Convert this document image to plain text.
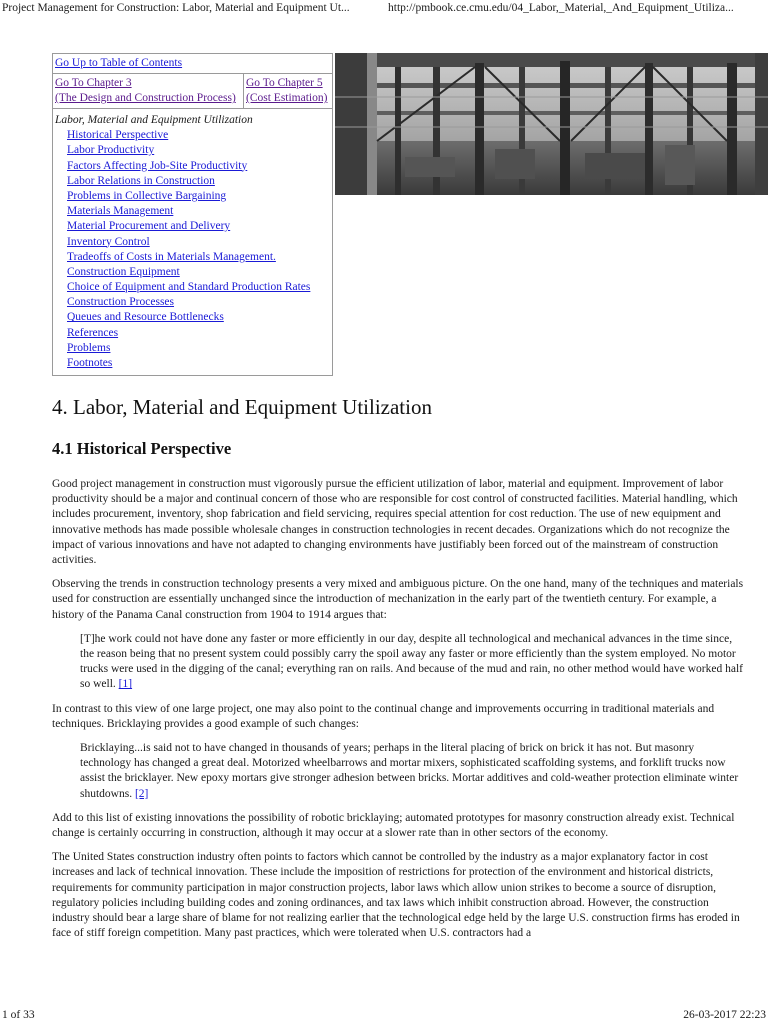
Project Management for Construction: Labor, Material and Equipment Ut...	http://pmbook.ce.cmu.edu/04_Labor,_Material,_And_Equipment_Utiliza...
Go Up to Table of Contents
Go To Chapter 3
(The Design and Construction Process)
Go To Chapter 5
(Cost Estimation)
Labor, Material and Equipment Utilization
Historical Perspective
Labor Productivity
Factors Affecting Job-Site Productivity
Labor Relations in Construction
Problems in Collective Bargaining
Materials Management
Material Procurement and Delivery
Inventory Control
Tradeoffs of Costs in Materials Management.
Construction Equipment
Choice of Equipment and Standard Production Rates
Construction Processes
Queues and Resource Bottlenecks
References
Problems
Footnotes
4. Labor, Material and Equipment Utilization
4.1 Historical Perspective

Good project management in construction must vigorously pursue the efficient utilization of labor, material and equipment. Improvement of labor productivity should be a major and continual concern of those who are responsible for cost control of constructed facilities. Material handling, which includes procurement, inventory, shop fabrication and field servicing, requires special attention for cost reduction. The use of new equipment and innovative methods has made possible wholesale changes in construction technologies in recent decades. Organizations which do not recognize the impact of various innovations and have not adapted to changing environments have justifiably been forced out of the mainstream of construction activities.

Observing the trends in construction technology presents a very mixed and ambiguous picture. On the one hand, many of the techniques and materials used for construction are essentially unchanged since the introduction of mechanization in the early part of the twentieth century. For example, a history of the Panama Canal construction from 1904 to 1914 argues that:

[T]he work could not have done any faster or more efficiently in our day, despite all technological and mechanical advances in the time since, the reason being that no present system could possibly carry the spoil away any faster or more efficiently than the system employed. No motor trucks were used in the digging of the canal; everything ran on rails. And because of the mud and rain, no other method would have worked half so well. [1]

In contrast to this view of one large project, one may also point to the continual change and improvements occurring in traditional materials and techniques. Bricklaying provides a good example of such changes:

Bricklaying...is said not to have changed in thousands of years; perhaps in the literal placing of brick on brick it has not. But masonry technology has changed a great deal. Motorized wheelbarrows and mortar mixers, sophisticated scaffolding systems, and forklift trucks now assist the bricklayer. New epoxy mortars give stronger adhesion between bricks. Mortar additives and cold-weather protection eliminate winter shutdowns. [2]

Add to this list of existing innovations the possibility of robotic bricklaying; automated prototypes for masonry construction already exist. Technical change is certainly occurring in construction, although it may occur at a slower rate than in other sectors of the economy.

The United States construction industry often points to factors which cannot be controlled by the industry as a major explanatory factor in cost increases and lack of technical innovation. These include the imposition of restrictions for protection of the environment and historical districts, requirements for community participation in major construction projects, labor laws which allow union strikes to become a source of disruption, regulatory policies including building codes and zoning ordinances, and tax laws which inhibit construction abroad. However, the construction industry should bear a large share of blame for not realizing earlier that the technological edge held by the large U.S. construction firms has eroded in face of stiff foreign competition. Many past practices, which were tolerated when U.S. contractors had a

1 of 33	26-03-2017 22:23
